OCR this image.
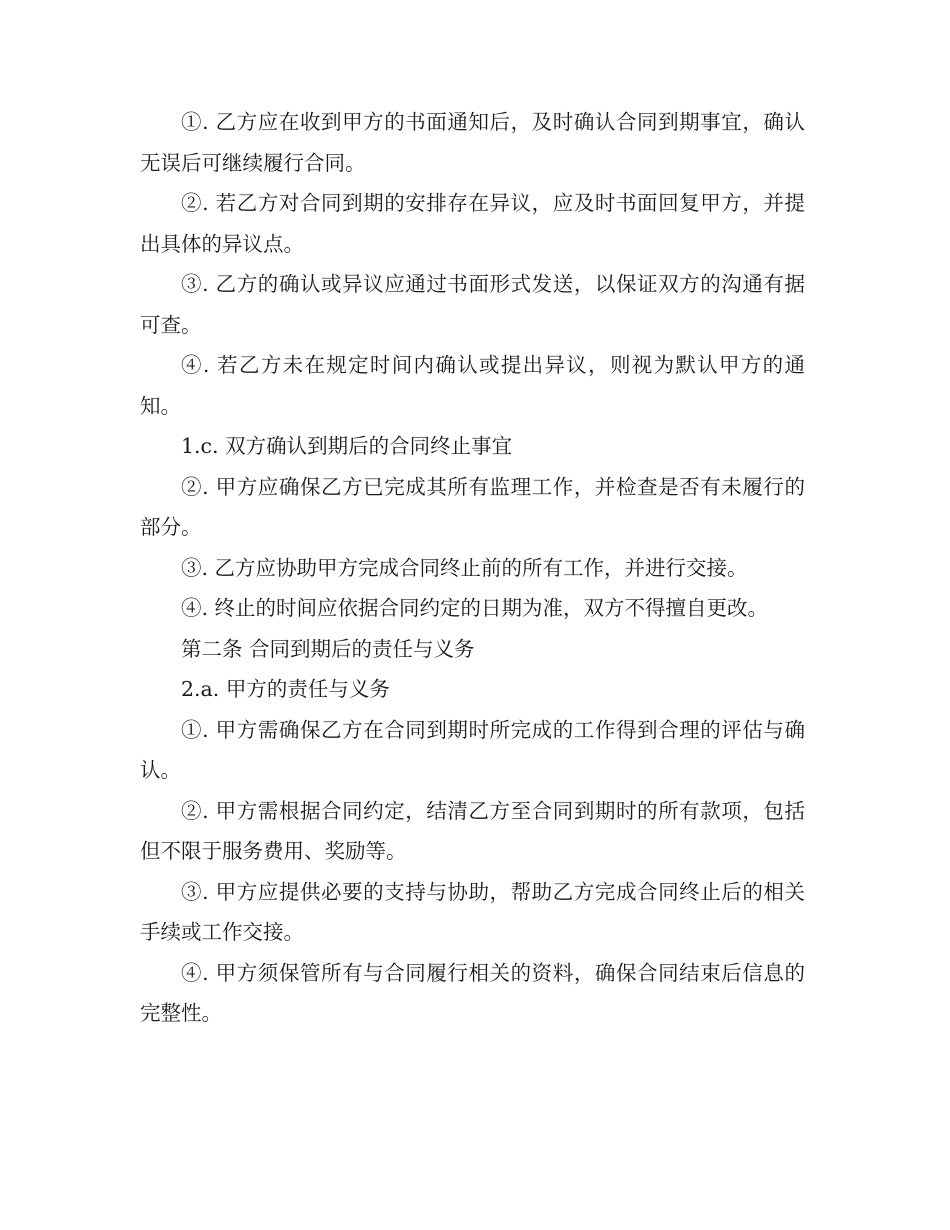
①. 乙方应在收到甲方的书面通知后，及时确认合同到期事宜，确认无误后可继续履行合同。

②. 若乙方对合同到期的安排存在异议，应及时书面回复甲方，并提出具体的异议点。

③. 乙方的确认或异议应通过书面形式发送，以保证双方的沟通有据可查。

④. 若乙方未在规定时间内确认或提出异议，则视为默认甲方的通知。

1.c. 双方确认到期后的合同终止事宜

②. 甲方应确保乙方已完成其所有监理工作，并检查是否有未履行的部分。

③. 乙方应协助甲方完成合同终止前的所有工作，并进行交接。

④. 终止的时间应依据合同约定的日期为准，双方不得擅自更改。

第二条 合同到期后的责任与义务

2.a. 甲方的责任与义务

①. 甲方需确保乙方在合同到期时所完成的工作得到合理的评估与确认。

②. 甲方需根据合同约定，结清乙方至合同到期时的所有款项，包括但不限于服务费用、奖励等。

③. 甲方应提供必要的支持与协助，帮助乙方完成合同终止后的相关手续或工作交接。

④. 甲方须保管所有与合同履行相关的资料，确保合同结束后信息的完整性。
